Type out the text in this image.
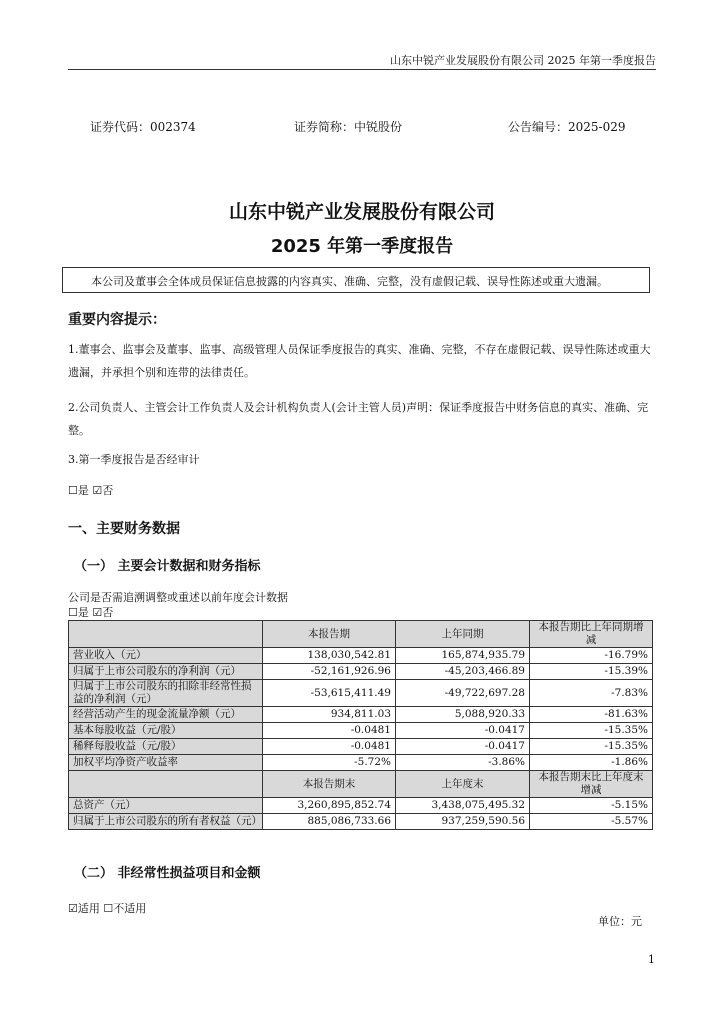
山东中锐产业发展股份有限公司 2025 年第一季度报告
证券代码：002374	证券简称：中锐股份	公告编号：2025-029
山东中锐产业发展股份有限公司
2025 年第一季度报告
本公司及董事会全体成员保证信息披露的内容真实、准确、完整，没有虚假记载、误导性陈述或重大遗漏。
重要内容提示：
1.董事会、监事会及董事、监事、高级管理人员保证季度报告的真实、准确、完整，不存在虚假记载、误导性陈述或重大遗漏，并承担个别和连带的法律责任。
2.公司负责人、主管会计工作负责人及会计机构负责人(会计主管人员)声明：保证季度报告中财务信息的真实、准确、完整。
3.第一季度报告是否经审计
☐是 ☑否
一、主要财务数据
（一） 主要会计数据和财务指标
公司是否需追溯调整或重述以前年度会计数据
☐是 ☑否
	本报告期	上年同期	本报告期比上年同期增减
营业收入（元）	138,030,542.81	165,874,935.79	-16.79%
归属于上市公司股东的净利润（元）	-52,161,926.96	-45,203,466.89	-15.39%
归属于上市公司股东的扣除非经常性损益的净利润（元）	-53,615,411.49	-49,722,697.28	-7.83%
经营活动产生的现金流量净额（元）	934,811.03	5,088,920.33	-81.63%
基本每股收益（元/股）	-0.0481	-0.0417	-15.35%
稀释每股收益（元/股）	-0.0481	-0.0417	-15.35%
加权平均净资产收益率	-5.72%	-3.86%	-1.86%
	本报告期末	上年度末	本报告期末比上年度末增减
总资产（元）	3,260,895,852.74	3,438,075,495.32	-5.15%
归属于上市公司股东的所有者权益（元）	885,086,733.66	937,259,590.56	-5.57%
（二） 非经常性损益项目和金额
☑适用 ☐不适用
单位：元
1
